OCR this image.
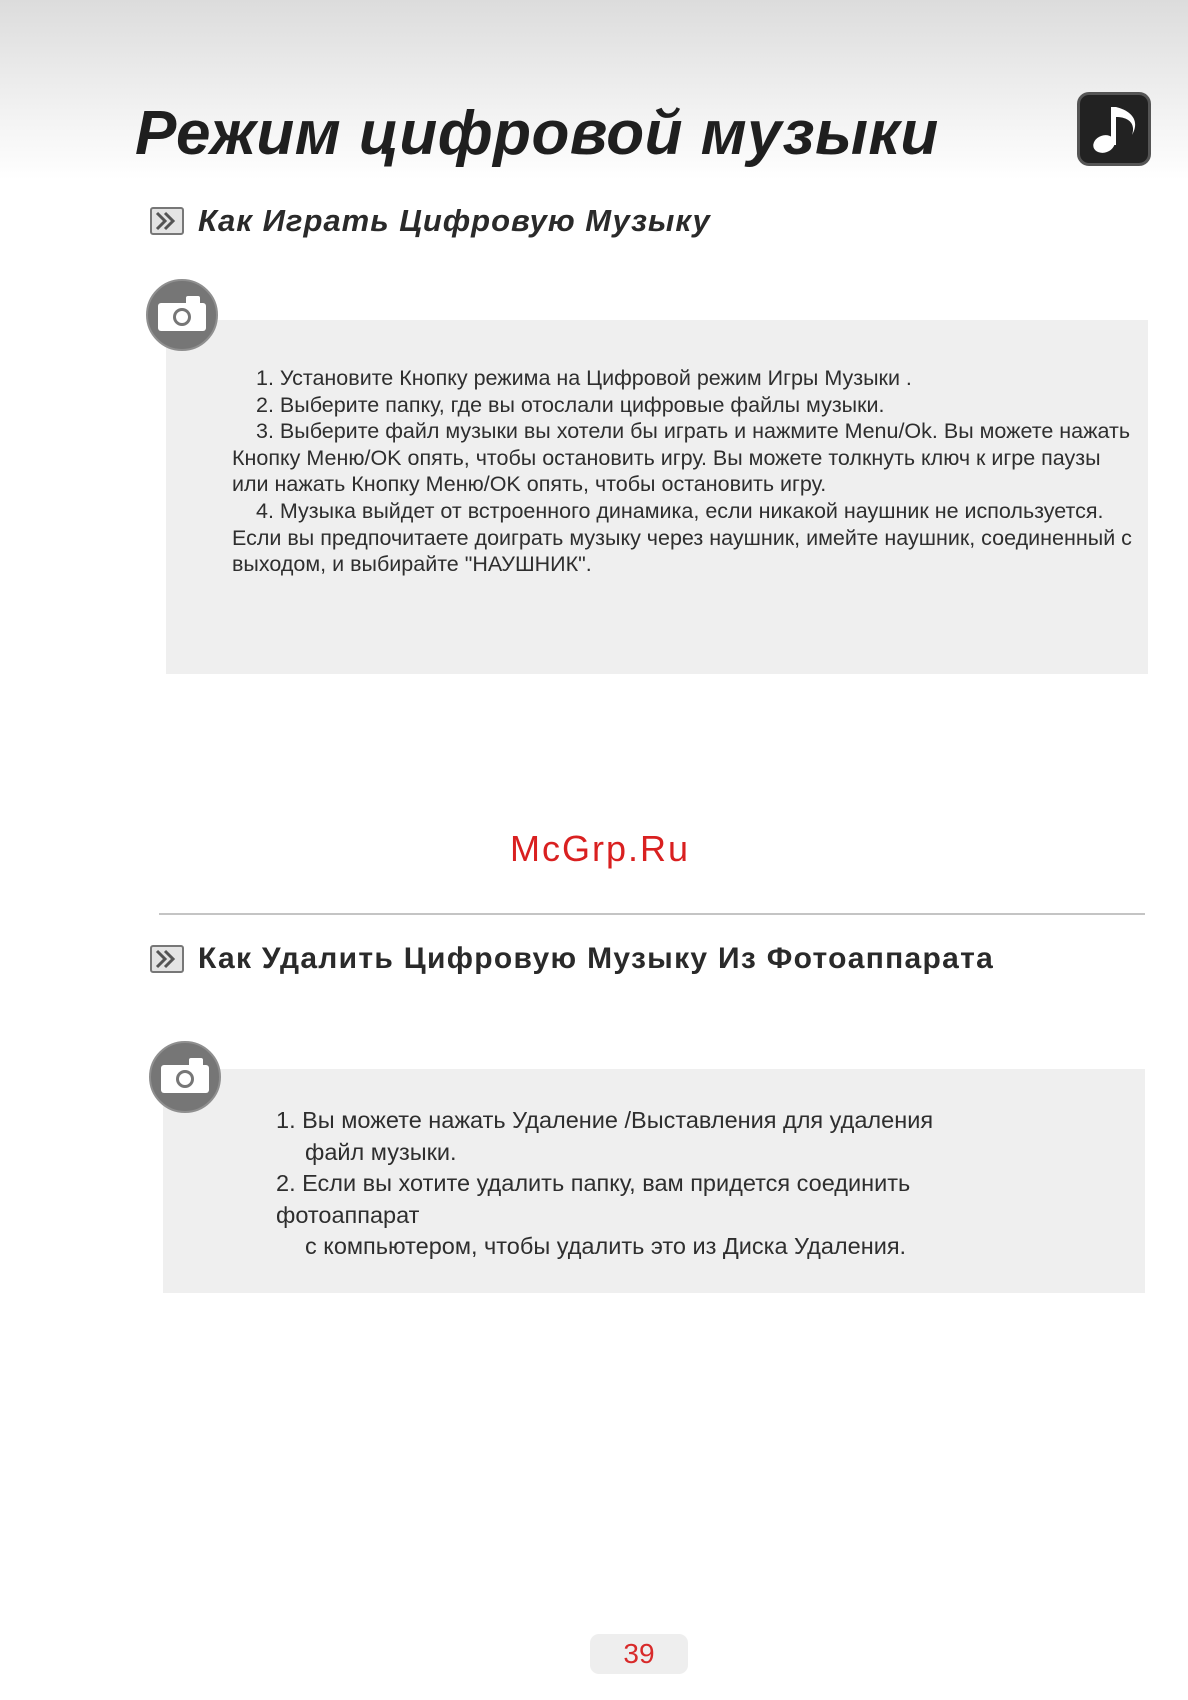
Режим цифровой музыки
Как Играть Цифровую Музыку

1. Установите Кнопку режима на Цифровой режим Игры Музыки .

2. Выберите папку, где вы отослали цифровые файлы музыки.

3. Выберите файл музыки вы хотели бы играть и нажмите Menu/Ok. Вы можете нажать Кнопку Меню/OK опять, чтобы остановить игру. Вы можете толкнуть ключ к игре паузы или нажать Кнопку Меню/OK опять, чтобы остановить игру.

4. Музыка выйдет от встроенного динамика, если никакой наушник не используется. Если вы предпочитаете доиграть музыку через наушник, имейте наушник, соединенный с выходом, и выбирайте "НАУШНИК".

McGrp.Ru
Как Удалить Цифровую Музыку Из Фотоаппарата

1. Вы можете нажать Удаление /Выставления для удаления

файл музыки.

2. Если вы хотите удалить папку, вам придется соединить

фотоаппарат

с компьютером, чтобы удалить это из Диска Удаления.

39
